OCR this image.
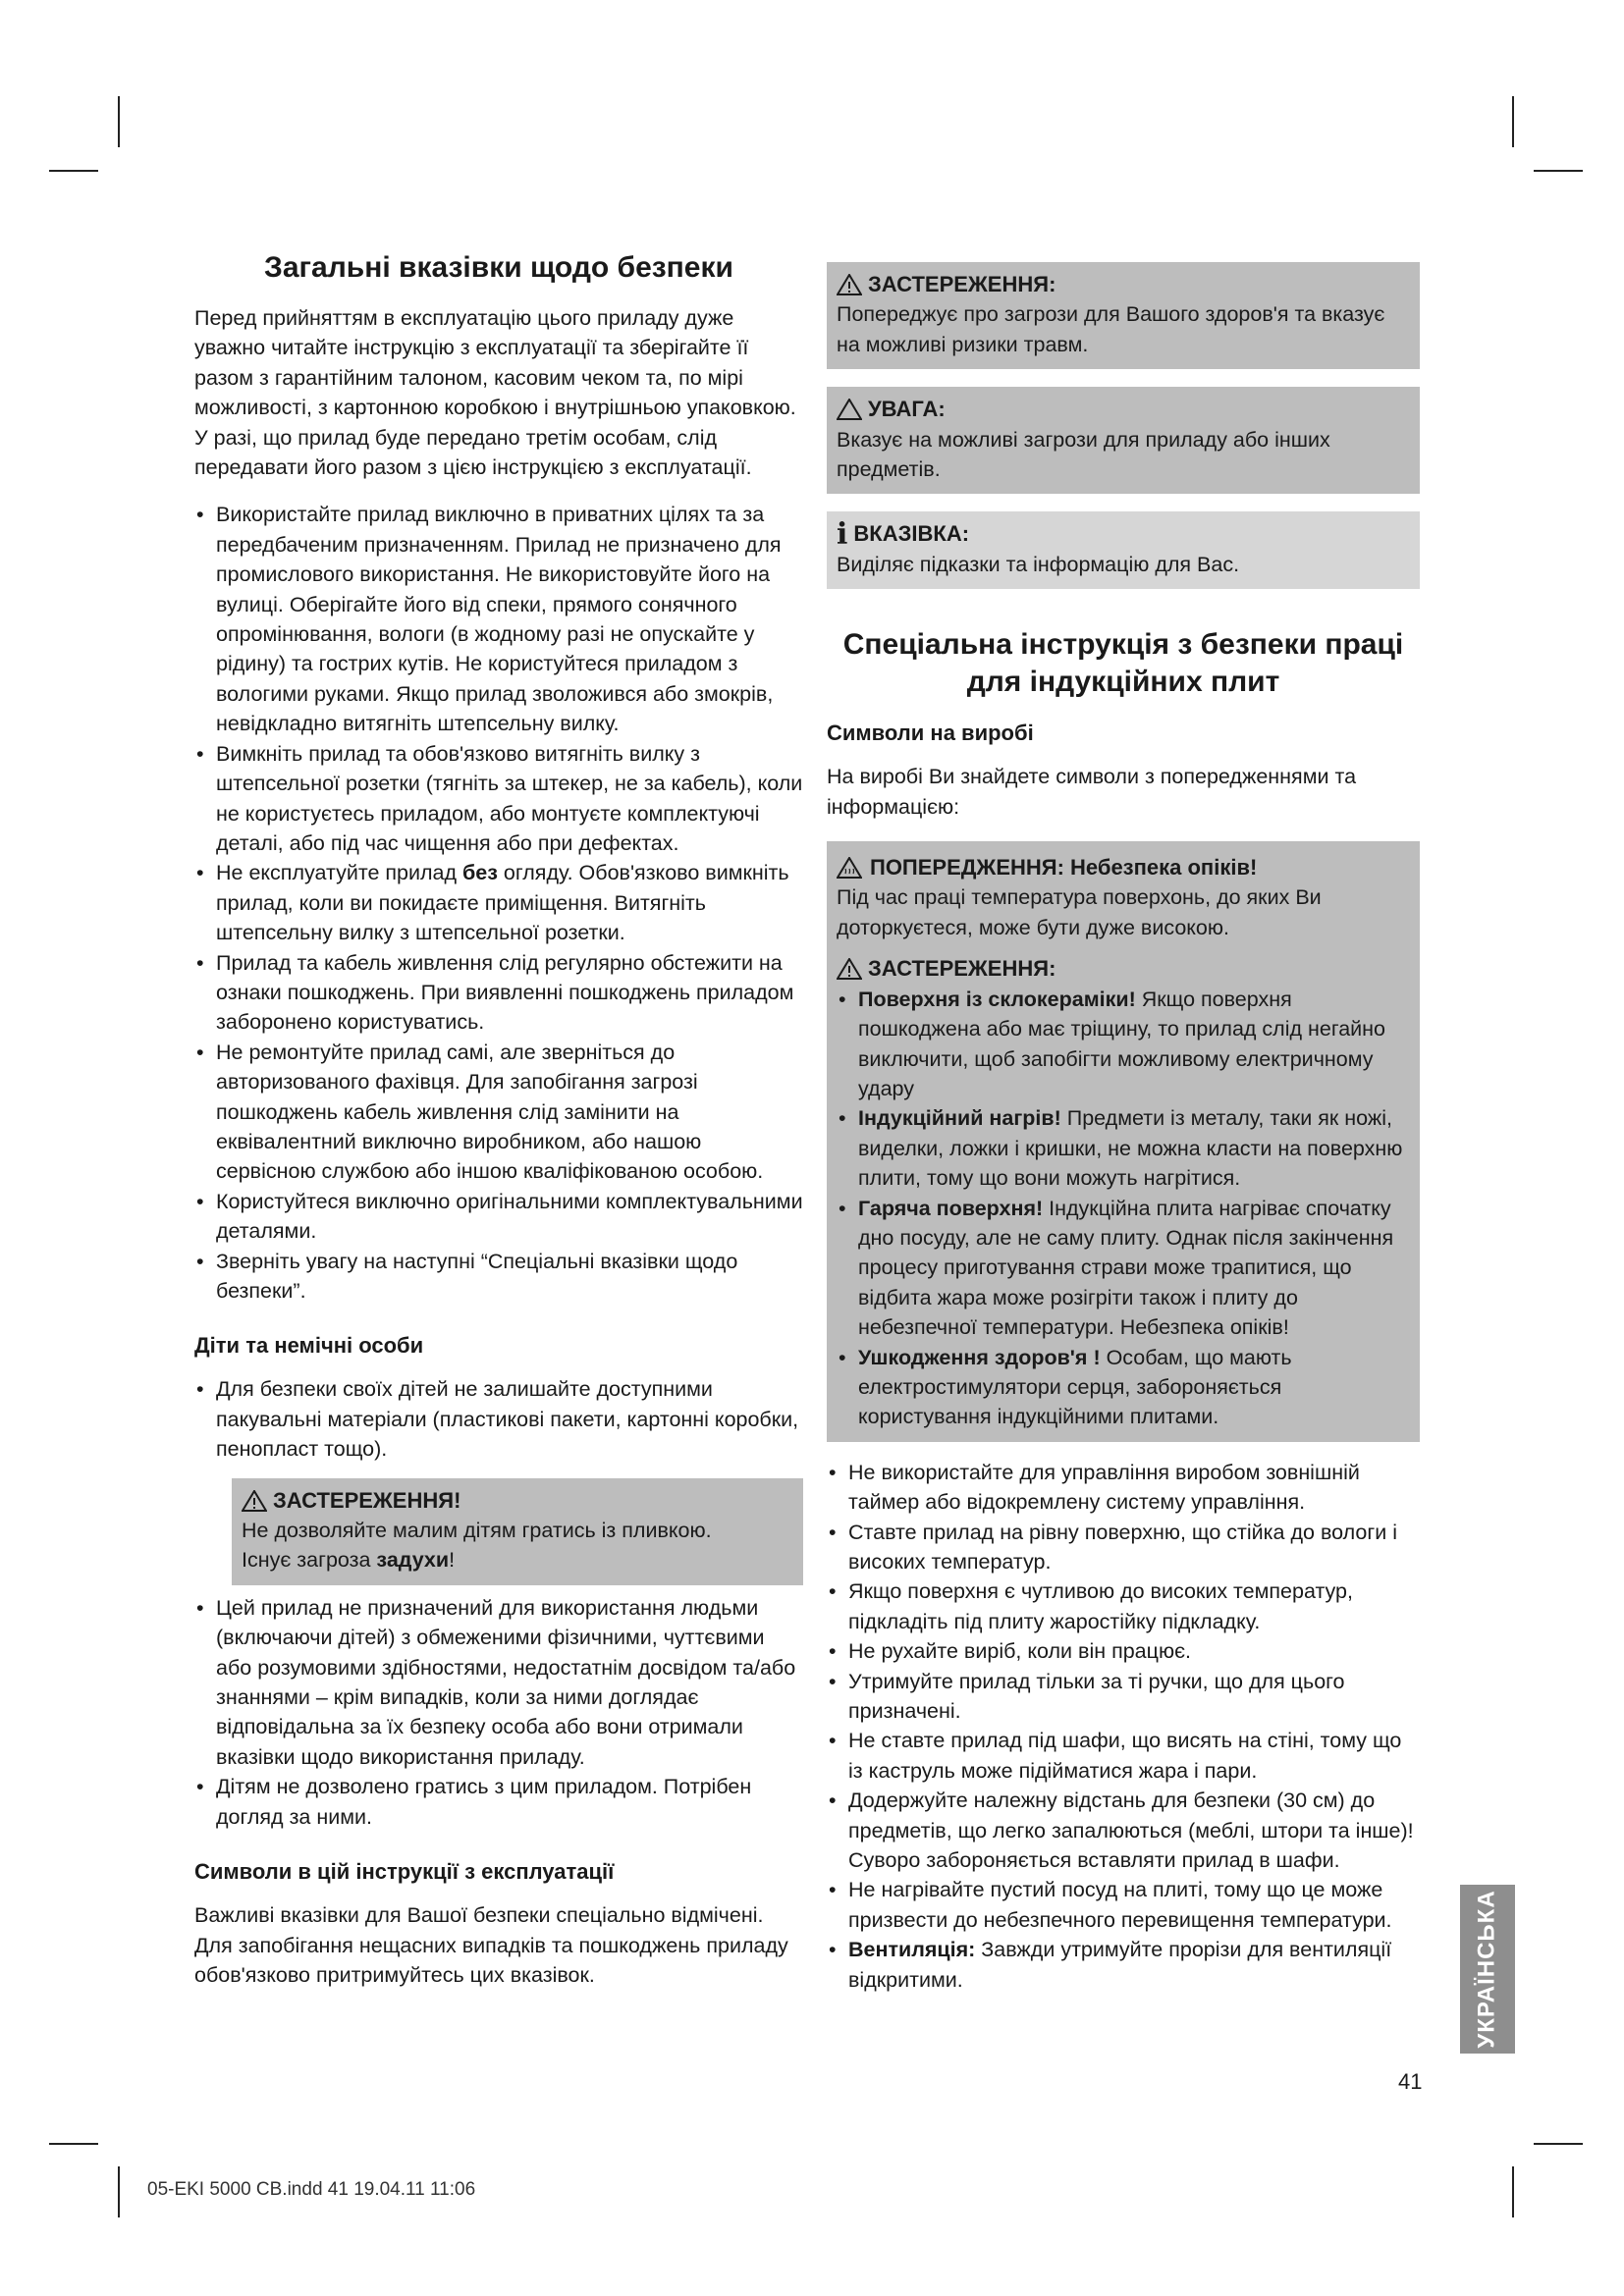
Загальні вказівки щодо безпеки

Перед прийняттям в експлуатацію цього приладу дуже уважно читайте інструкцію з експлуатації та зберігайте її разом з гарантійним талоном, касовим чеком та, по мірі можливості, з картонною коробкою і внутрішньою упаковкою. У разі, що прилад буде передано третім особам, слід передавати його разом з цією інструкцією з експлуатації.

• Використайте прилад виключно в приватних цілях та за передбаченим призначенням. Прилад не призначено для промислового використання. Не використовуйте його на вулиці. Оберігайте його від спеки, прямого сонячного опромінювання, вологи (в жодному разі не опускайте у рідину) та гострих кутів. Не користуйтеся приладом з вологими руками. Якщо прилад зволожився або змокрів, невідкладно витягніть штепсельну вилку.
• Вимкніть прилад та обов'язково витягніть вилку з штепсельної розетки (тягніть за штекер, не за кабель), коли не користуєтесь приладом, або монтуєте комплектуючі деталі, або під час чищення або при дефектах.
• Не експлуатуйте прилад без огляду. Обов'язково вимкніть прилад, коли ви покидаєте приміщення. Витягніть штепсельну вилку з штепсельної розетки.
• Прилад та кабель живлення слід регулярно обстежити на ознаки пошкоджень. При виявленні пошкоджень приладом заборонено користуватись.
• Не ремонтуйте прилад самі, але зверніться до авторизованого фахівця. Для запобігання загрозі пошкоджень кабель живлення слід замінити на еквівалентний виключно виробником, або нашою сервісною службою або іншою кваліфікованою особою.
• Користуйтеся виключно оригінальними комплектувальними деталями.
• Зверніть увагу на наступні “Спеціальні вказівки щодо безпеки”.
Діти та немічні особи
• Для безпеки своїх дітей не залишайте доступними пакувальні матеріали (пластикові пакети, картонні коробки, пенопласт тощо).
ЗАСТЕРЕЖЕННЯ!
Не дозволяйте малим дітям гратись із пливкою.
Існує загроза задухи!
• Цей прилад не призначений для використання людьми (включаючи дітей) з обмеженими фізичними, чуттєвими або розумовими здібностями, недостатнім досвідом та/або знаннями – крім випадків, коли за ними доглядає відповідальна за їх безпеку особа або вони отримали вказівки щодо використання приладу.
• Дітям не дозволено гратись з цим приладом. Потрібен догляд за ними.
Символи в цій інструкції з експлуатації

Важливі вказівки для Вашої безпеки спеціально відмічені. Для запобігання нещасних випадків та пошкоджень приладу обов'язково притримуйтесь цих вказівок.

ЗАСТЕРЕЖЕННЯ:
Попереджує про загрози для Вашого здоров'я та вказує на можливі ризики травм.
УВАГА:
Вказує на можливі загрози для приладу або інших предметів.
i ВКАЗІВКА:
Виділяє підказки та інформацію для Вас.
Спеціальна інструкція з безпеки праці
для індукційних плит
Символи на виробі

На виробі Ви знайдете символи з попередженнями та інформацією:

ПОПЕРЕДЖЕННЯ: Небезпека опіків!
Під час праці температура поверхонь, до яких Ви доторкуєтеся, може бути дуже високою.
ЗАСТЕРЕЖЕННЯ:
• Поверхня із склокераміки! Якщо поверхня пошкоджена або має тріщину, то прилад слід негайно виключити, щоб запобігти можливому електричному удару
• Індукційний нагрів! Предмети із металу, таки як ножі, виделки, ложки і кришки, не можна класти на поверхню плити, тому що вони можуть нагрітися.
• Гаряча поверхня! Індукційна плита нагріває спочатку дно посуду, але не саму плиту. Однак після закінчення процесу приготування страви може трапитися, що відбита жара може розігріти також і плиту до небезпечної температури. Небезпека опіків!
• Ушкодження здоров'я ! Особам, що мають електростимулятори серця, забороняється користування індукційними плитами.
• Не використайте для управління виробом зовнішній таймер або відокремлену систему управління.
• Ставте прилад на рівну поверхню, що стійка до вологи і високих температур.
• Якщо поверхня є чутливою до високих температур, підкладіть під плиту жаростійку підкладку.
• Не рухайте виріб, коли він працює.
• Утримуйте прилад тільки за ті ручки, що для цього призначені.
• Не ставте прилад під шафи, що висять на стіні, тому що із каструль може підійматися жара і пари.
• Додержуйте належну відстань для безпеки (30 см) до предметів, що легко запалюються (меблі, штори та інше)! Суворо забороняється вставляти прилад в шафи.
• Не нагрівайте пустий посуд на плиті, тому що це може призвести до небезпечного перевищення температури.
• Вентиляція: Завжди утримуйте прорізи для вентиляції відкритими.	УКРАЇНСЬКА
41
05-EKI 5000 CB.indd 41 19.04.11 11:06
